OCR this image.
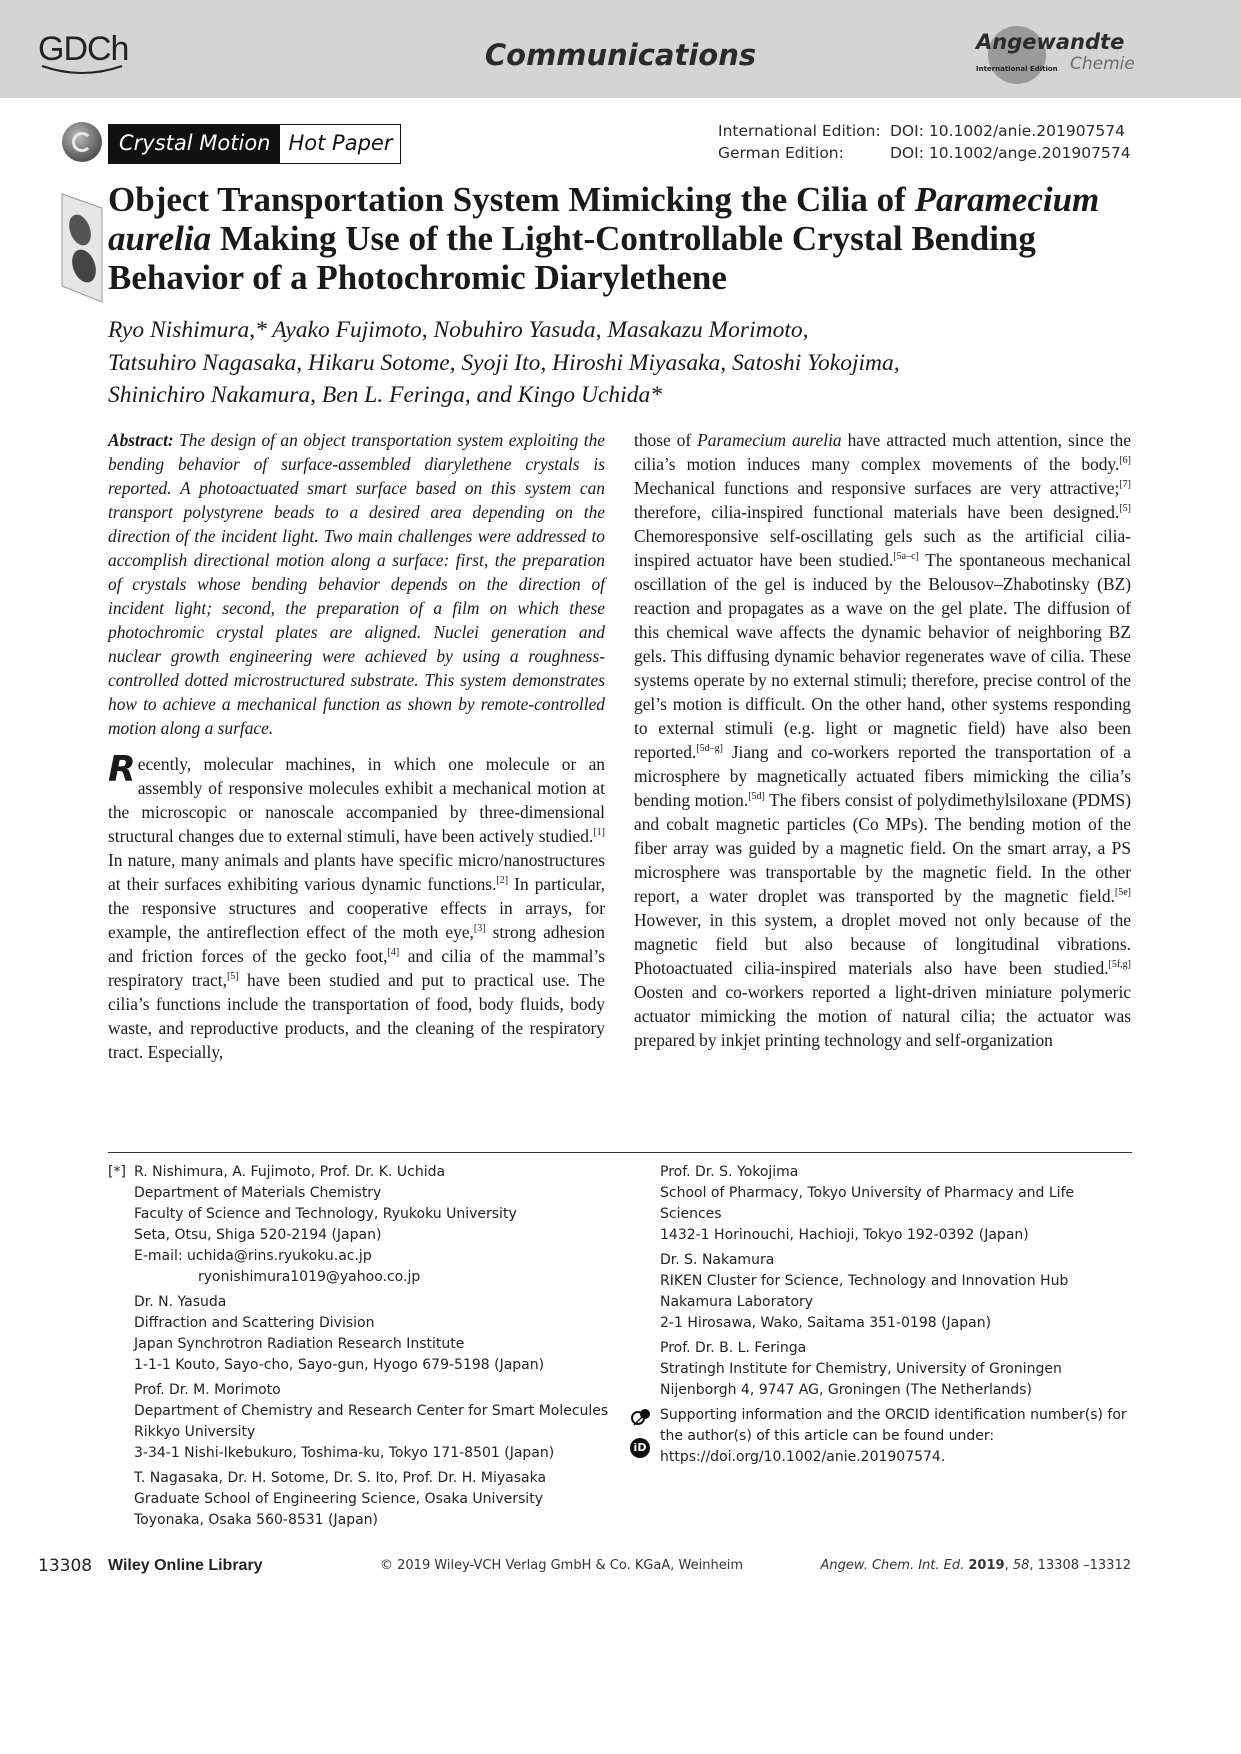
GDCh	Communications	Angewandte
Chemie
International Edition
Crystal Motion Hot Paper	International Edition: DOI: 10.1002/anie.201907574
German Edition:	DOI: 10.1002/ange.201907574
Object Transportation System Mimicking the Cilia of Paramecium aurelia Making Use of the Light-Controllable Crystal Bending Behavior of a Photochromic Diarylethene
Ryo Nishimura,* Ayako Fujimoto, Nobuhiro Yasuda, Masakazu Morimoto,
Tatsuhiro Nagasaka, Hikaru Sotome, Syoji Ito, Hiroshi Miyasaka, Satoshi Yokojima,
Shinichiro Nakamura, Ben L. Feringa, and Kingo Uchida*

Abstract: The design of an object transportation system exploiting the bending behavior of surface-assembled diarylethene crystals is reported. A photoactuated smart surface based on this system can transport polystyrene beads to a desired area depending on the direction of the incident light. Two main challenges were addressed to accomplish directional motion along a surface: first, the preparation of crystals whose bending behavior depends on the direction of incident light; second, the preparation of a film on which these photochromic crystal plates are aligned. Nuclei generation and nuclear growth engineering were achieved by using a roughness-controlled dotted microstructured substrate. This system demonstrates how to achieve a mechanical function as shown by remote-controlled motion along a surface.

Recently, molecular machines, in which one molecule or an assembly of responsive molecules exhibit a mechanical motion at the microscopic or nanoscale accompanied by three-dimensional structural changes due to external stimuli, have been actively studied.[1] In nature, many animals and plants have specific micro/nanostructures at their surfaces exhibiting various dynamic functions.[2] In particular, the responsive structures and cooperative effects in arrays, for example, the antireflection effect of the moth eye,[3] strong adhesion and friction forces of the gecko foot,[4] and cilia of the mammal’s respiratory tract,[5] have been studied and put to practical use. The cilia’s functions include the transportation of food, body fluids, body waste, and reproductive products, and the cleaning of the respiratory tract. Especially,

those of Paramecium aurelia have attracted much attention, since the cilia’s motion induces many complex movements of the body.[6] Mechanical functions and responsive surfaces are very attractive;[7] therefore, cilia-inspired functional materials have been designed.[5] Chemoresponsive self-oscillating gels such as the artificial cilia-inspired actuator have been studied.[5a–c] The spontaneous mechanical oscillation of the gel is induced by the Belousov–Zhabotinsky (BZ) reaction and propagates as a wave on the gel plate. The diffusion of this chemical wave affects the dynamic behavior of neighboring BZ gels. This diffusing dynamic behavior regenerates wave of cilia. These systems operate by no external stimuli; therefore, precise control of the gel’s motion is difficult. On the other hand, other systems responding to external stimuli (e.g. light or magnetic field) have also been reported.[5d–g] Jiang and co-workers reported the transportation of a microsphere by magnetically actuated fibers mimicking the cilia’s bending motion.[5d] The fibers consist of polydimethylsiloxane (PDMS) and cobalt magnetic particles (Co MPs). The bending motion of the fiber array was guided by a magnetic field. On the smart array, a PS microsphere was transportable by the magnetic field. In the other report, a water droplet was transported by the magnetic field.[5e] However, in this system, a droplet moved not only because of the magnetic field but also because of longitudinal vibrations. Photoactuated cilia-inspired materials also have been studied.[5f,g] Oosten and co-workers reported a light-driven miniature polymeric actuator mimicking the motion of natural cilia; the actuator was prepared by inkjet printing technology and self-organization

[*] R. Nishimura, A. Fujimoto, Prof. Dr. K. Uchida
Department of Materials Chemistry
Faculty of Science and Technology, Ryukoku University
Seta, Otsu, Shiga 520-2194 (Japan)
E-mail: uchida@rins.ryukoku.ac.jp
ryonishimura1019@yahoo.co.jp
Dr. N. Yasuda
Diffraction and Scattering Division
Japan Synchrotron Radiation Research Institute
1-1-1 Kouto, Sayo-cho, Sayo-gun, Hyogo 679-5198 (Japan)
Prof. Dr. M. Morimoto
Department of Chemistry and Research Center for Smart Molecules
Rikkyo University
3-34-1 Nishi-Ikebukuro, Toshima-ku, Tokyo 171-8501 (Japan)
T. Nagasaka, Dr. H. Sotome, Dr. S. Ito, Prof. Dr. H. Miyasaka
Graduate School of Engineering Science, Osaka University
Toyonaka, Osaka 560-8531 (Japan)
Prof. Dr. S. Yokojima
School of Pharmacy, Tokyo University of Pharmacy and Life Sciences
1432-1 Horinouchi, Hachioji, Tokyo 192-0392 (Japan)
Dr. S. Nakamura
RIKEN Cluster for Science, Technology and Innovation Hub
Nakamura Laboratory
2-1 Hirosawa, Wako, Saitama 351-0198 (Japan)
Prof. Dr. B. L. Feringa
Stratingh Institute for Chemistry, University of Groningen
Nijenborgh 4, 9747 AG, Groningen (The Netherlands)
iD
Supporting information and the ORCID identification number(s) for
the author(s) of this article can be found under:
https://doi.org/10.1002/anie.201907574.
13308 Wiley Online Library	© 2019 Wiley-VCH Verlag GmbH & Co. KGaA, Weinheim	Angew. Chem. Int. Ed. 2019, 58, 13308 –13312
